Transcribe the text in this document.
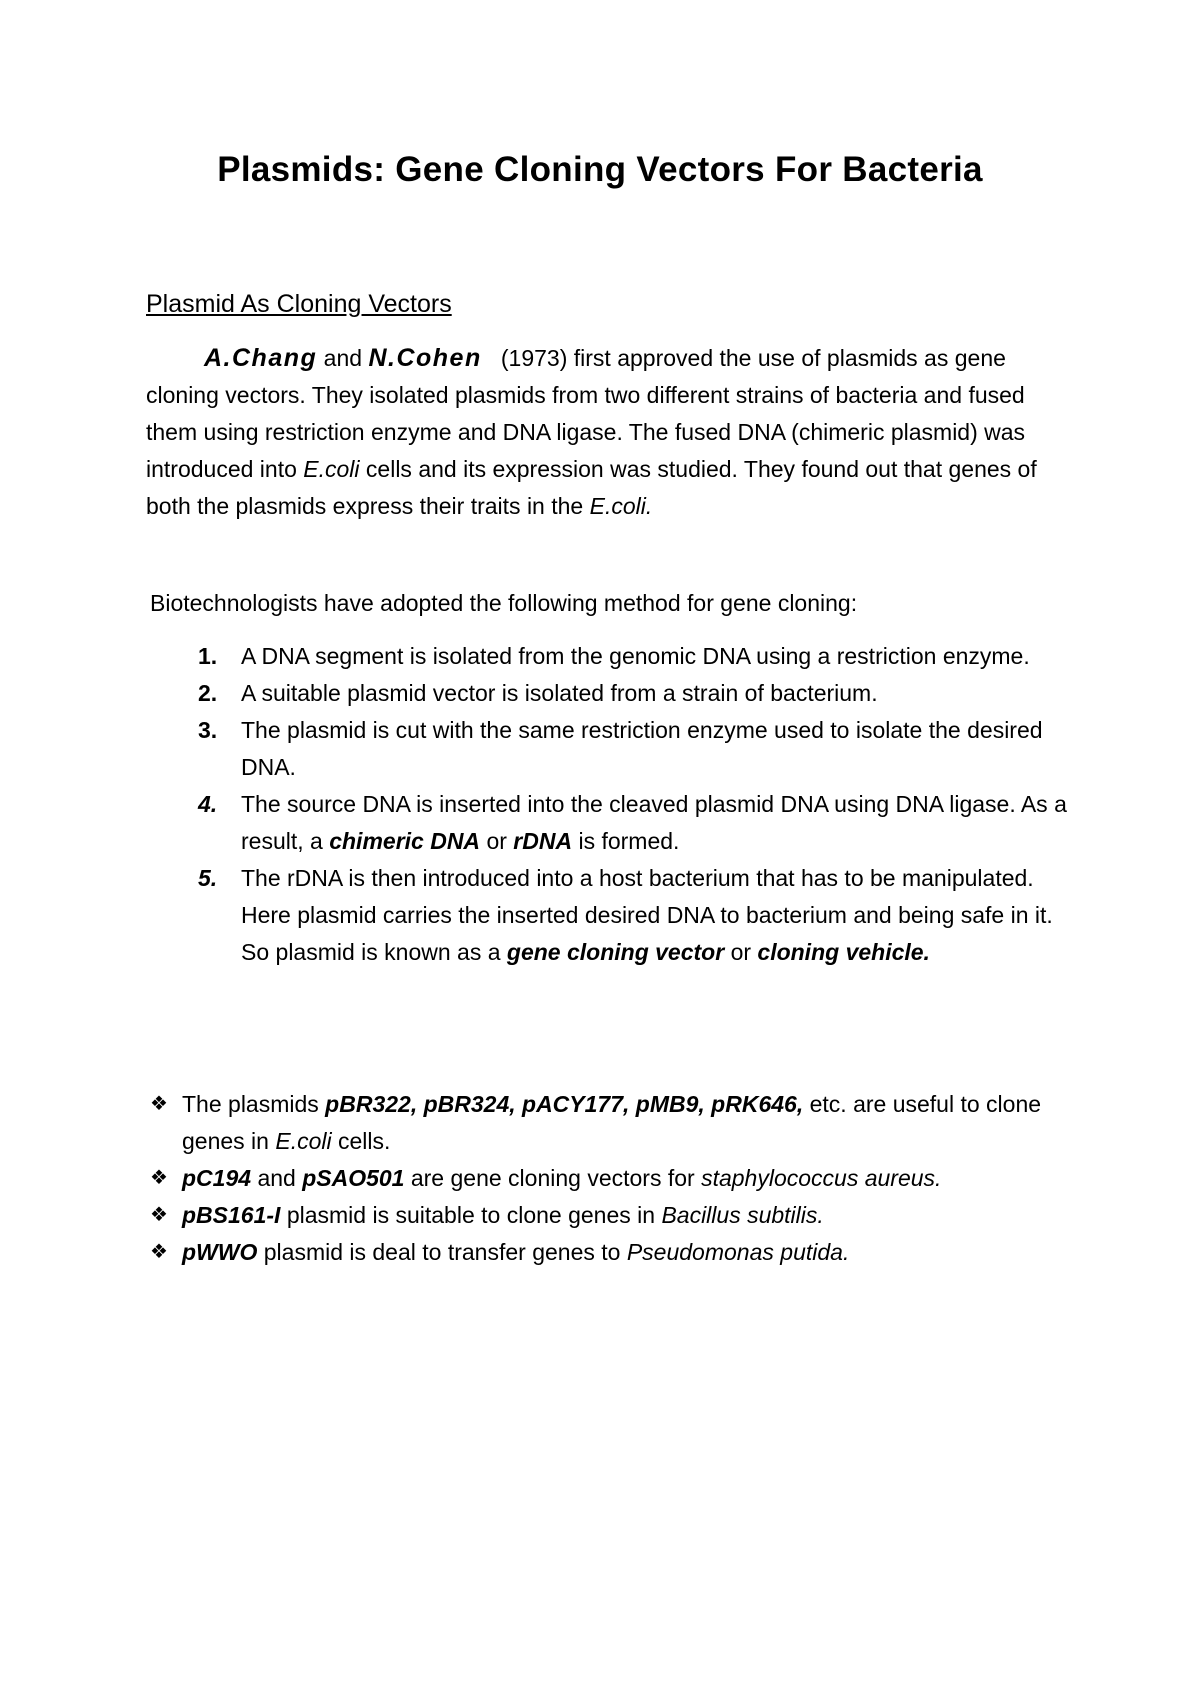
Plasmids: Gene Cloning Vectors For Bacteria

Plasmid As Cloning Vectors

A.Chang and N.Cohen (1973) first approved the use of plasmids as gene cloning vectors. They isolated plasmids from two different strains of bacteria and fused them using restriction enzyme and DNA ligase. The fused DNA (chimeric plasmid) was introduced into E.coli cells and its expression was studied. They found out that genes of both the plasmids express their traits in the E.coli.

Biotechnologists have adopted the following method for gene cloning:

1. A DNA segment is isolated from the genomic DNA using a restriction enzyme.
2. A suitable plasmid vector is isolated from a strain of bacterium.
3. The plasmid is cut with the same restriction enzyme used to isolate the desired DNA.
4. The source DNA is inserted into the cleaved plasmid DNA using DNA ligase. As a result, a chimeric DNA or rDNA is formed.
5. The rDNA is then introduced into a host bacterium that has to be manipulated. Here plasmid carries the inserted desired DNA to bacterium and being safe in it. So plasmid is known as a gene cloning vector or cloning vehicle.
❖ The plasmids pBR322, pBR324, pACY177, pMB9, pRK646, etc. are useful to clone genes in E.coli cells.
❖ pC194 and pSAO501 are gene cloning vectors for staphylococcus aureus.
❖ pBS161-I plasmid is suitable to clone genes in Bacillus subtilis.
❖ pWWO plasmid is deal to transfer genes to Pseudomonas putida.
